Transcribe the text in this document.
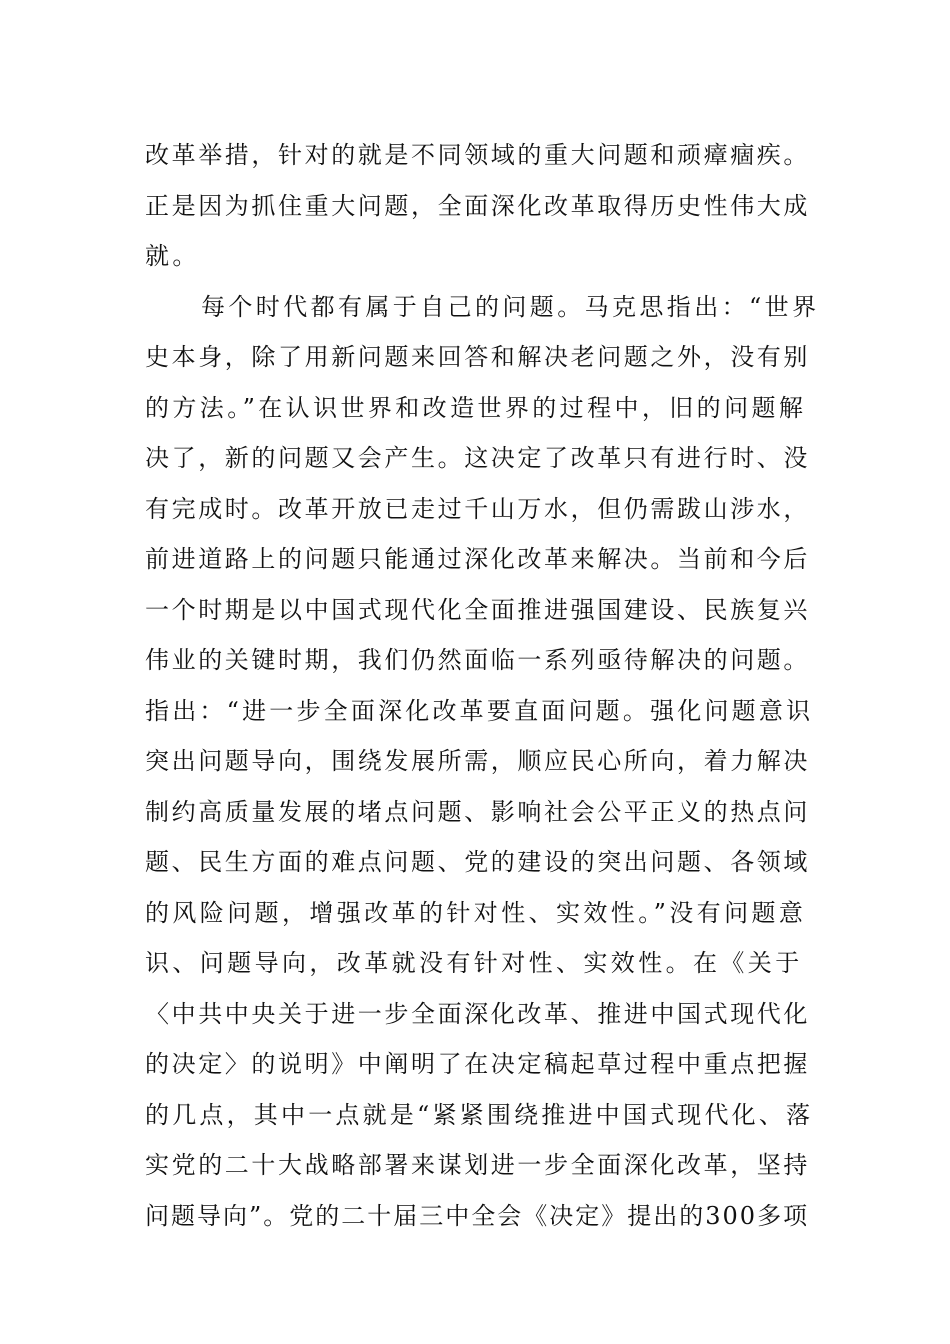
改革举措，针对的就是不同领域的重大问题和顽瘴痼疾。
正是因为抓住重大问题，全面深化改革取得历史性伟大成
就。
每个时代都有属于自己的问题。马克思指出：“世界
史本身，除了用新问题来回答和解决老问题之外，没有别
的方法。”在认识世界和改造世界的过程中，旧的问题解
决了，新的问题又会产生。这决定了改革只有进行时、没
有完成时。改革开放已走过千山万水，但仍需跋山涉水，
前进道路上的问题只能通过深化改革来解决。当前和今后
一个时期是以中国式现代化全面推进强国建设、民族复兴
伟业的关键时期，我们仍然面临一系列亟待解决的问题。
指出：“进一步全面深化改革要直面问题。强化问题意识
突出问题导向，围绕发展所需，顺应民心所向，着力解决
制约高质量发展的堵点问题、影响社会公平正义的热点问
题、民生方面的难点问题、党的建设的突出问题、各领域
的风险问题，增强改革的针对性、实效性。”没有问题意
识、问题导向，改革就没有针对性、实效性。在《关于
〈中共中央关于进一步全面深化改革、推进中国式现代化
的决定〉的说明》中阐明了在决定稿起草过程中重点把握
的几点，其中一点就是“紧紧围绕推进中国式现代化、落
实党的二十大战略部署来谋划进一步全面深化改革，坚持
问题导向”。党的二十届三中全会《决定》提出的300多项
